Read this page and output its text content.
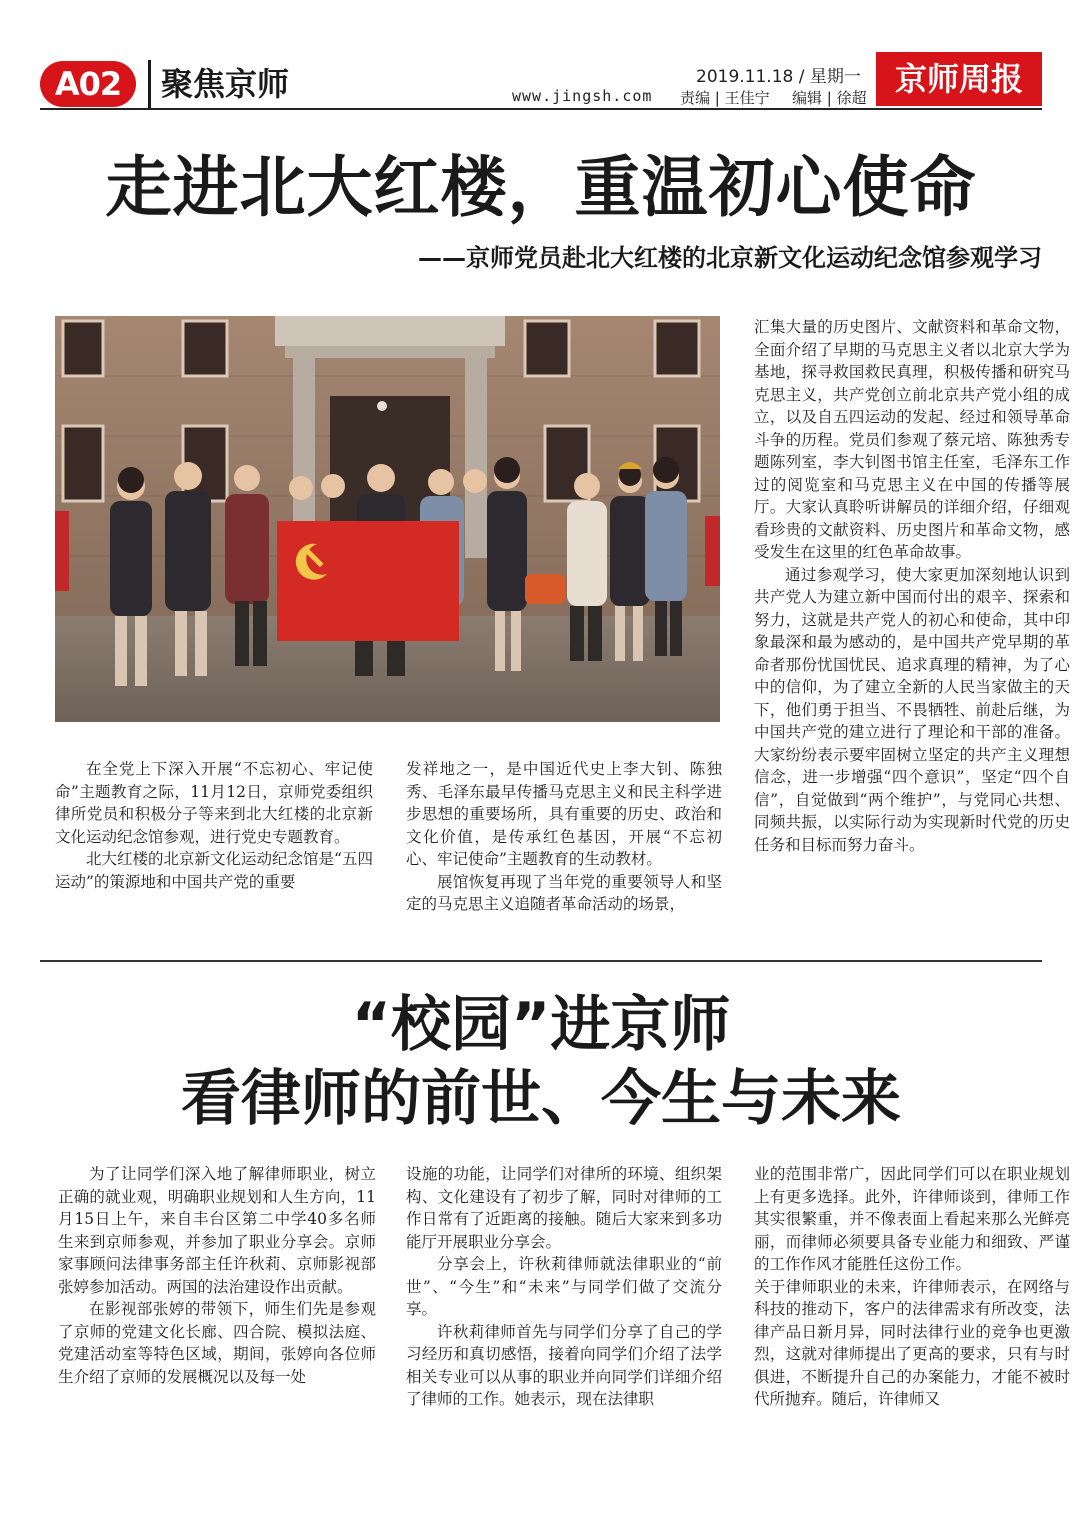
A02	聚焦京师	2019.11.18 / 星期一
www.jingsh.com 责编 | 王佳宁 编辑 | 徐超 京师周报
走进北大红楼，重温初心使命
——京师党员赴北大红楼的北京新文化运动纪念馆参观学习

在全党上下深入开展“不忘初心、牢记使命”主题教育之际，11月12日，京师党委组织律所党员和积极分子等来到北大红楼的北京新文化运动纪念馆参观，进行党史专题教育。

北大红楼的北京新文化运动纪念馆是“五四运动”的策源地和中国共产党的重要

发祥地之一，是中国近代史上李大钊、陈独秀、毛泽东最早传播马克思主义和民主科学进步思想的重要场所，具有重要的历史、政治和文化价值，是传承红色基因，开展“不忘初心、牢记使命”主题教育的生动教材。

展馆恢复再现了当年党的重要领导人和坚定的马克思主义追随者革命活动的场景，

汇集大量的历史图片、文献资料和革命文物，全面介绍了早期的马克思主义者以北京大学为基地，探寻救国救民真理，积极传播和研究马克思主义，共产党创立前北京共产党小组的成立，以及自五四运动的发起、经过和领导革命斗争的历程。党员们参观了蔡元培、陈独秀专题陈列室，李大钊图书馆主任室，毛泽东工作过的阅览室和马克思主义在中国的传播等展厅。大家认真聆听讲解员的详细介绍，仔细观看珍贵的文献资料、历史图片和革命文物，感受发生在这里的红色革命故事。

通过参观学习，使大家更加深刻地认识到共产党人为建立新中国而付出的艰辛、探索和努力，这就是共产党人的初心和使命，其中印象最深和最为感动的，是中国共产党早期的革命者那份忧国忧民、追求真理的精神，为了心中的信仰，为了建立全新的人民当家做主的天下，他们勇于担当、不畏牺牲、前赴后继，为中国共产党的建立进行了理论和干部的准备。大家纷纷表示要牢固树立坚定的共产主义理想信念，进一步增强“四个意识”，坚定“四个自信”，自觉做到“两个维护”，与党同心共想、同频共振，以实际行动为实现新时代党的历史任务和目标而努力奋斗。

“校园”进京师
看律师的前世、今生与未来

为了让同学们深入地了解律师职业，树立正确的就业观，明确职业规划和人生方向，11月15日上午，来自丰台区第二中学40多名师生来到京师参观，并参加了职业分享会。京师家事顾问法律事务部主任许秋莉、京师影视部张婷参加活动。两国的法治建设作出贡献。

在影视部张婷的带领下，师生们先是参观了京师的党建文化长廊、四合院、模拟法庭、党建活动室等特色区域，期间，张婷向各位师生介绍了京师的发展概况以及每一处

设施的功能，让同学们对律所的环境、组织架构、文化建设有了初步了解，同时对律师的工作日常有了近距离的接触。随后大家来到多功能厅开展职业分享会。

分享会上，许秋莉律师就法律职业的“前世”、“今生”和“未来”与同学们做了交流分享。

许秋莉律师首先与同学们分享了自己的学习经历和真切感悟，接着向同学们介绍了法学相关专业可以从事的职业并向同学们详细介绍了律师的工作。她表示，现在法律职

业的范围非常广，因此同学们可以在职业规划上有更多选择。此外，许律师谈到，律师工作其实很繁重，并不像表面上看起来那么光鲜亮丽，而律师必须要具备专业能力和细致、严谨的工作作风才能胜任这份工作。

关于律师职业的未来，许律师表示，在网络与科技的推动下，客户的法律需求有所改变，法律产品日新月异，同时法律行业的竞争也更激烈，这就对律师提出了更高的要求，只有与时俱进，不断提升自己的办案能力，才能不被时代所抛弃。随后，许律师又
